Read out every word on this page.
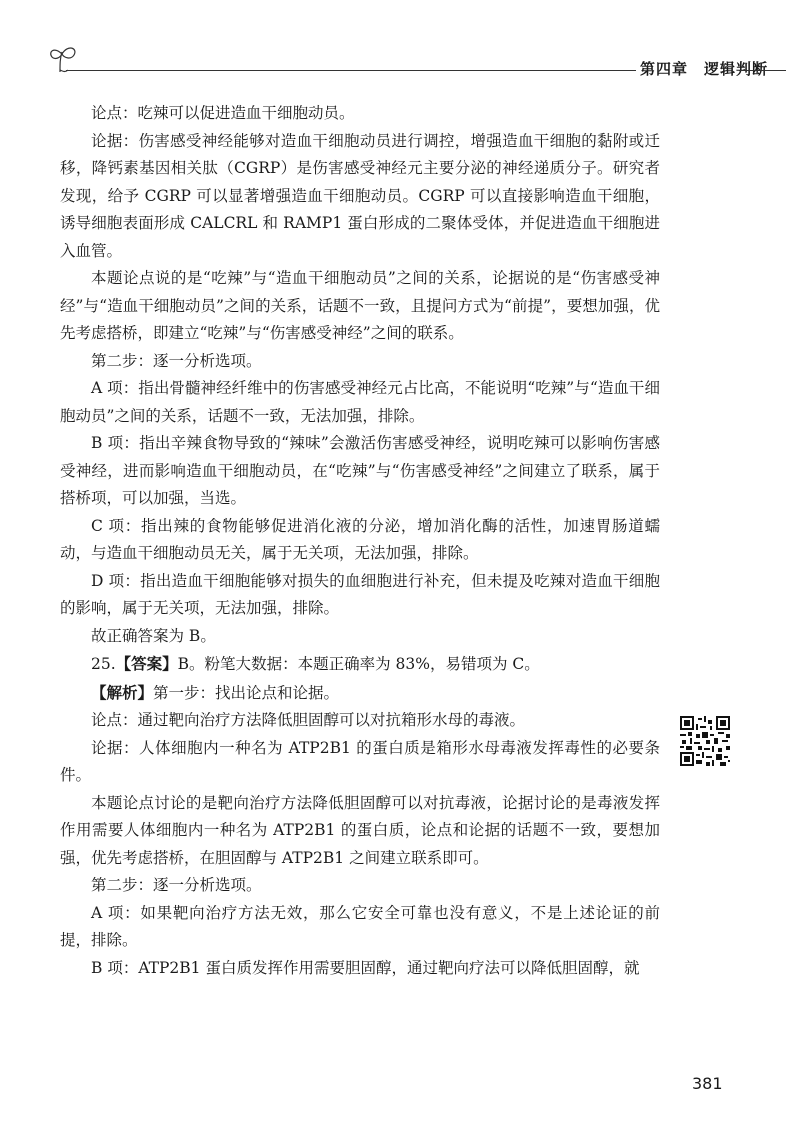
第四章　逻辑判断

论点：吃辣可以促进造血干细胞动员。

论据：伤害感受神经能够对造血干细胞动员进行调控，增强造血干细胞的黏附或迁移，降钙素基因相关肽（CGRP）是伤害感受神经元主要分泌的神经递质分子。研究者发现，给予 CGRP 可以显著增强造血干细胞动员。CGRP 可以直接影响造血干细胞，诱导细胞表面形成 CALCRL 和 RAMP1 蛋白形成的二聚体受体，并促进造血干细胞进入血管。

本题论点说的是“吃辣”与“造血干细胞动员”之间的关系，论据说的是“伤害感受神经”与“造血干细胞动员”之间的关系，话题不一致，且提问方式为“前提”，要想加强，优先考虑搭桥，即建立“吃辣”与“伤害感受神经”之间的联系。

第二步：逐一分析选项。

A 项：指出骨髓神经纤维中的伤害感受神经元占比高，不能说明“吃辣”与“造血干细胞动员”之间的关系，话题不一致，无法加强，排除。

B 项：指出辛辣食物导致的“辣味”会激活伤害感受神经，说明吃辣可以影响伤害感受神经，进而影响造血干细胞动员，在“吃辣”与“伤害感受神经”之间建立了联系，属于搭桥项，可以加强，当选。

C 项：指出辣的食物能够促进消化液的分泌，增加消化酶的活性，加速胃肠道蠕动，与造血干细胞动员无关，属于无关项，无法加强，排除。

D 项：指出造血干细胞能够对损失的血细胞进行补充，但未提及吃辣对造血干细胞的影响，属于无关项，无法加强，排除。

故正确答案为 B。

25.【答案】B。粉笔大数据：本题正确率为 83%，易错项为 C。

【解析】第一步：找出论点和论据。

论点：通过靶向治疗方法降低胆固醇可以对抗箱形水母的毒液。

论据：人体细胞内一种名为 ATP2B1 的蛋白质是箱形水母毒液发挥毒性的必要条件。

本题论点讨论的是靶向治疗方法降低胆固醇可以对抗毒液，论据讨论的是毒液发挥作用需要人体细胞内一种名为 ATP2B1 的蛋白质，论点和论据的话题不一致，要想加强，优先考虑搭桥，在胆固醇与 ATP2B1 之间建立联系即可。

第二步：逐一分析选项。

A 项：如果靶向治疗方法无效，那么它安全可靠也没有意义，不是上述论证的前提，排除。

B 项：ATP2B1 蛋白质发挥作用需要胆固醇，通过靶向疗法可以降低胆固醇，就

381
